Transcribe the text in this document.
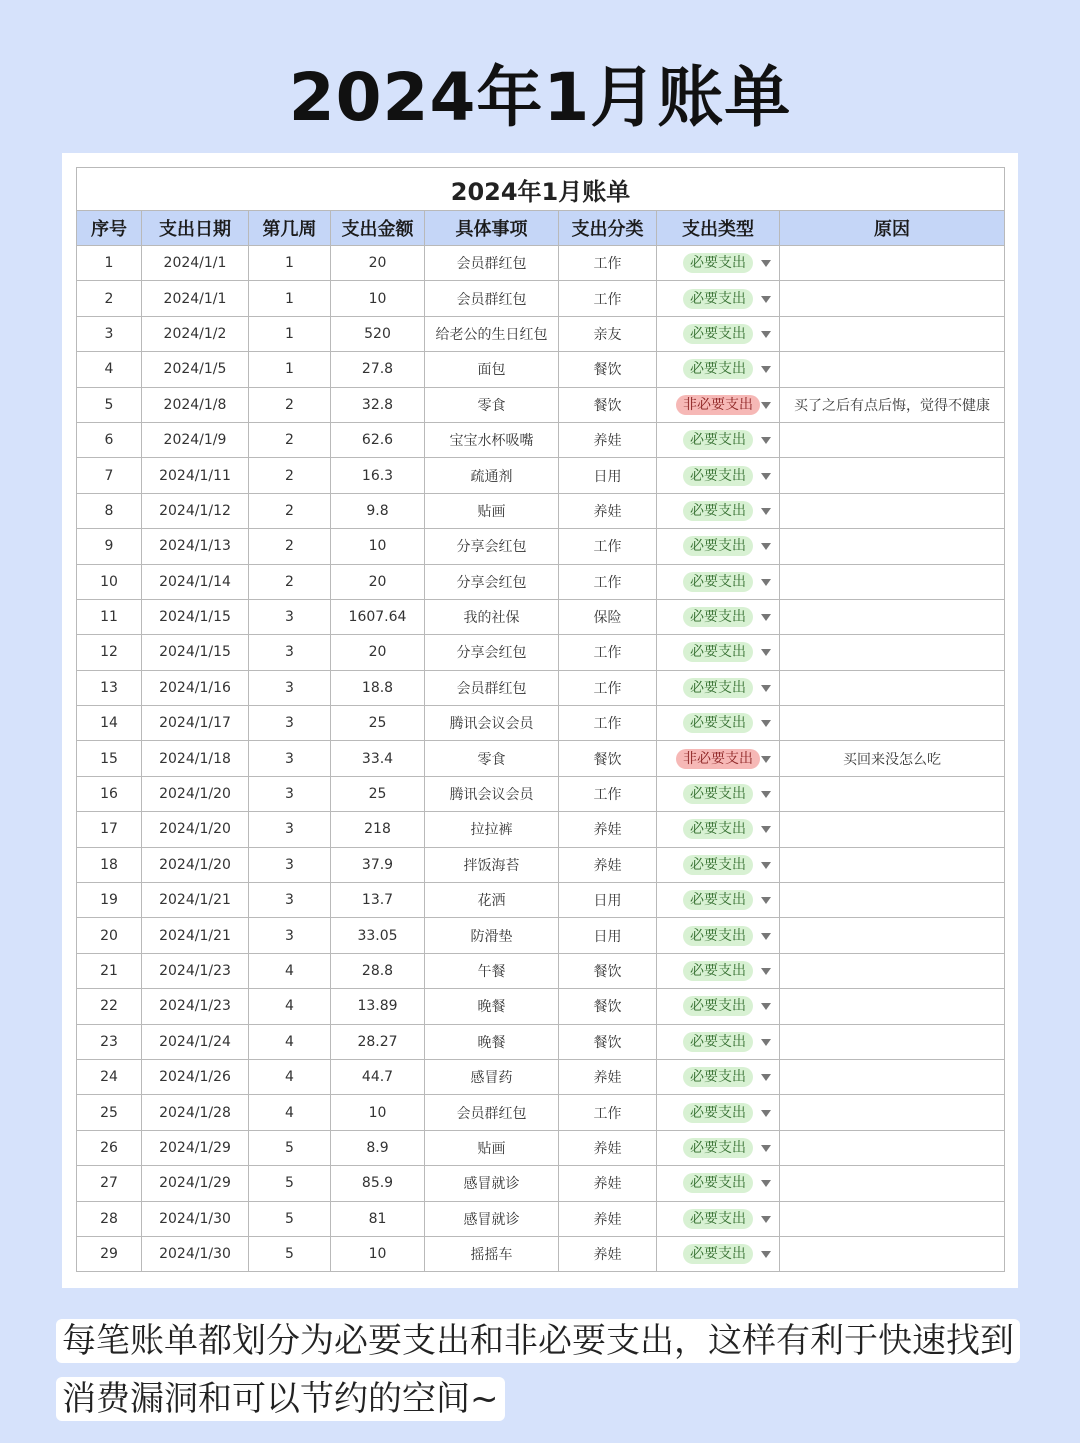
2024年1月账单
2024年1月账单							
序号	支出日期	第几周	支出金额	具体事项	支出分类	支出类型	原因
1	2024/1/1	1	20	会员群红包	工作	必要支出

2	2024/1/1	1	10	会员群红包	工作	必要支出

3	2024/1/2	1	520	给老公的生日红包	亲友	必要支出

4	2024/1/5	1	27.8	面包	餐饮	必要支出

5	2024/1/8	2	32.8	零食	餐饮	非必要支出	买了之后有点后悔，觉得不健康
6	2024/1/9	2	62.6	宝宝水杯吸嘴	养娃	必要支出

7	2024/1/11	2	16.3	疏通剂	日用	必要支出

8	2024/1/12	2	9.8	贴画	养娃	必要支出

9	2024/1/13	2	10	分享会红包	工作	必要支出

10	2024/1/14	2	20	分享会红包	工作	必要支出

11	2024/1/15	3	1607.64	我的社保	保险	必要支出

12	2024/1/15	3	20	分享会红包	工作	必要支出

13	2024/1/16	3	18.8	会员群红包	工作	必要支出

14	2024/1/17	3	25	腾讯会议会员	工作	必要支出

15	2024/1/18	3	33.4	零食	餐饮	非必要支出	买回来没怎么吃
16	2024/1/20	3	25	腾讯会议会员	工作	必要支出

17	2024/1/20	3	218	拉拉裤	养娃	必要支出

18	2024/1/20	3	37.9	拌饭海苔	养娃	必要支出

19	2024/1/21	3	13.7	花洒	日用	必要支出

20	2024/1/21	3	33.05	防滑垫	日用	必要支出

21	2024/1/23	4	28.8	午餐	餐饮	必要支出

22	2024/1/23	4	13.89	晚餐	餐饮	必要支出

23	2024/1/24	4	28.27	晚餐	餐饮	必要支出

24	2024/1/26	4	44.7	感冒药	养娃	必要支出

25	2024/1/28	4	10	会员群红包	工作	必要支出

26	2024/1/29	5	8.9	贴画	养娃	必要支出

27	2024/1/29	5	85.9	感冒就诊	养娃	必要支出

28	2024/1/30	5	81	感冒就诊	养娃	必要支出

29	2024/1/30	5	10	摇摇车	养娃	必要支出

每笔账单都划分为必要支出和非必要支出，这样有利于快速找到消费漏洞和可以节约的空间~
